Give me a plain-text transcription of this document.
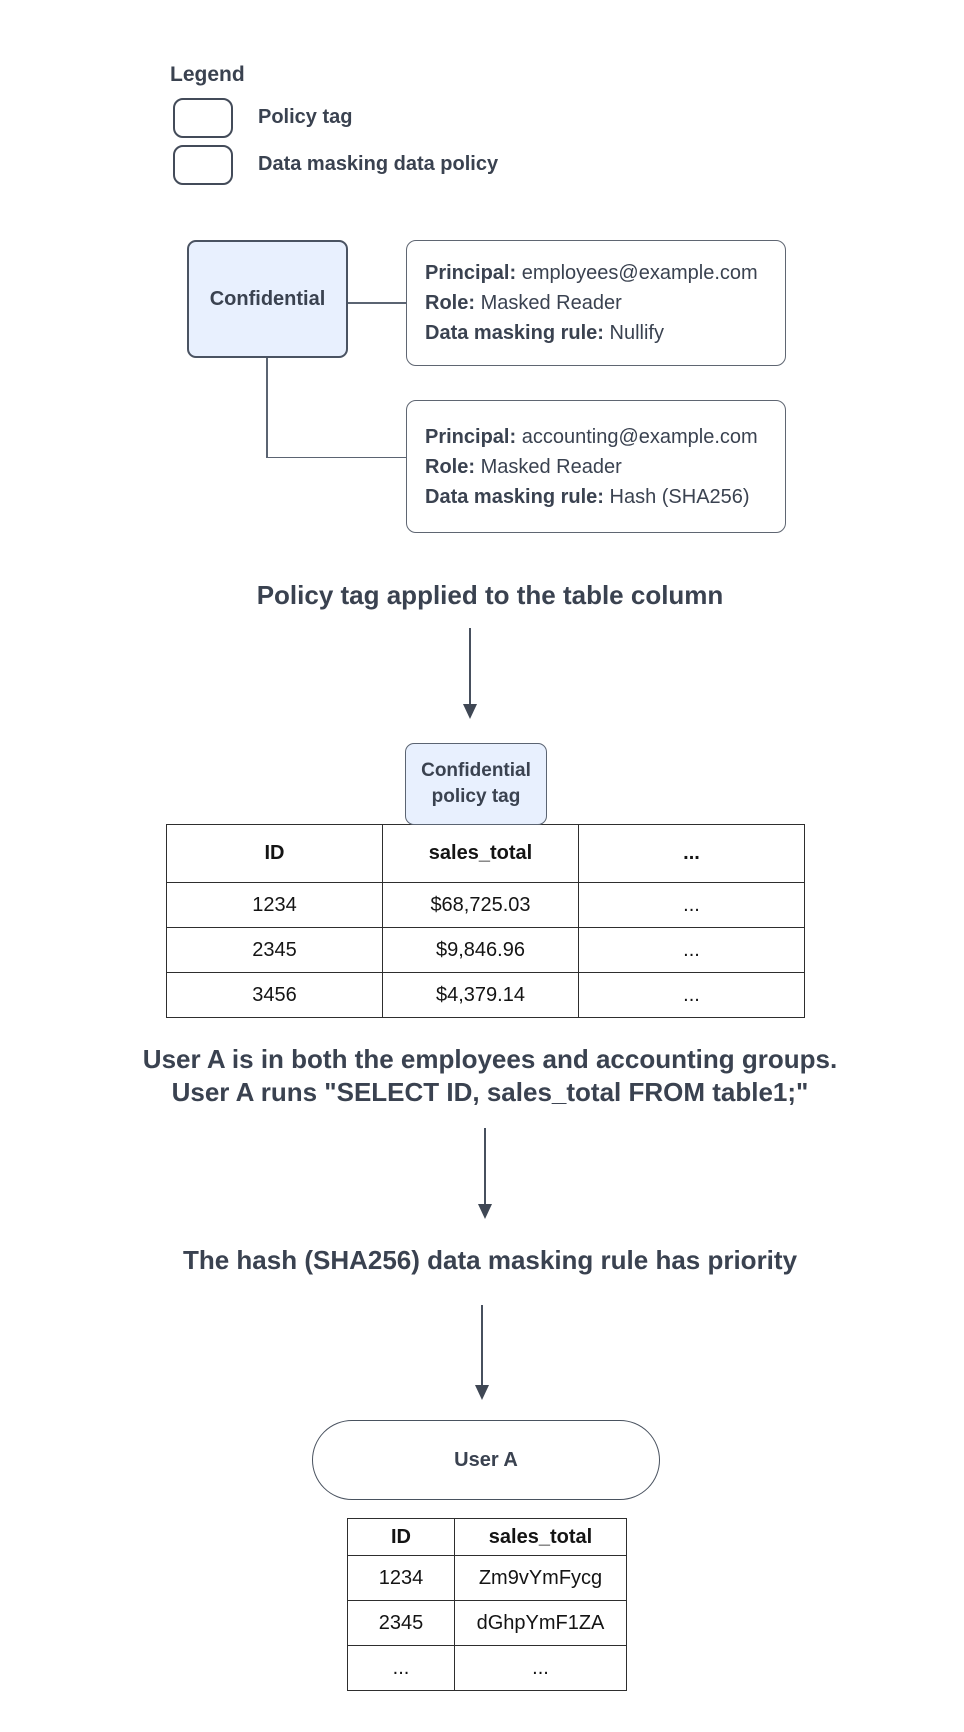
Legend
Policy tag
Data masking data policy
Confidential
Principal: employees@example.com
Role: Masked Reader
Data masking rule: Nullify
Principal: accounting@example.com
Role: Masked Reader
Data masking rule: Hash (SHA256)
Policy tag applied to the table column
Confidential
policy tag
ID	sales_total	...
1234	$68,725.03	...
2345	$9,846.96	...
3456	$4,379.14	...
User A is in both the employees and accounting groups.
User A runs "SELECT ID, sales_total FROM table1;"
The hash (SHA256) data masking rule has priority
User A
ID	sales_total
1234	Zm9vYmFycg
2345	dGhpYmF1ZA
...	...
